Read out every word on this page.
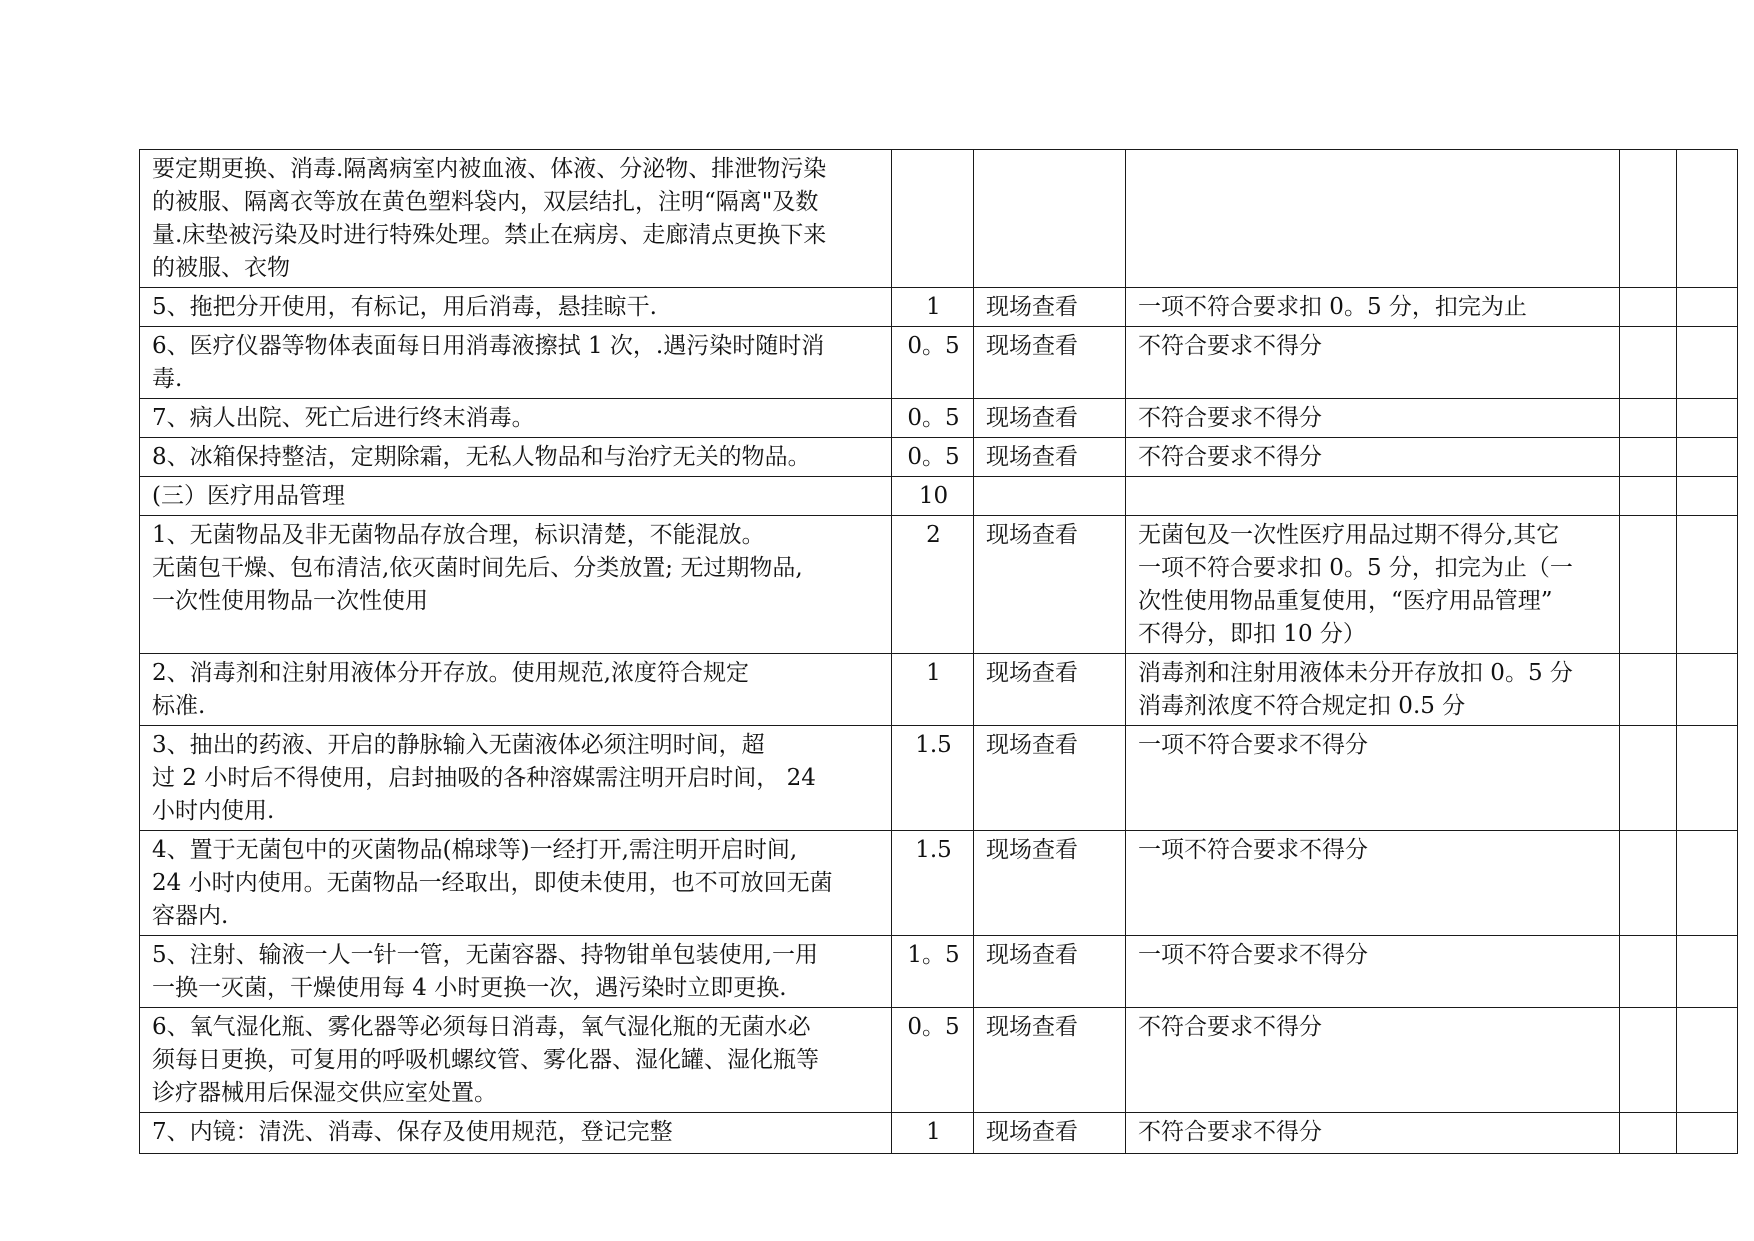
要定期更换、消毒.隔离病室内被血液、体液、分泌物、排泄物污染
的被服、隔离衣等放在黄色塑料袋内，双层结扎，注明“隔离"及数
量.床垫被污染及时进行特殊处理。禁止在病房、走廊清点更换下来
的被服、衣物					

5、拖把分开使用，有标记，用后消毒，悬挂晾干.	1	现场查看	一项不符合要求扣 0。5 分，扣完为止		

6、医疗仪器等物体表面每日用消毒液擦拭 1 次，.遇污染时随时消
毒.	0。5	现场查看	不符合要求不得分		

7、病人出院、死亡后进行终末消毒。	0。5	现场查看	不符合要求不得分		

8、冰箱保持整洁，定期除霜，无私人物品和与治疗无关的物品。	0。5	现场查看	不符合要求不得分		

(三）医疗用品管理	10				

1、无菌物品及非无菌物品存放合理，标识清楚，不能混放。
无菌包干燥、包布清洁,依灭菌时间先后、分类放置; 无过期物品,
一次性使用物品一次性使用	2	现场查看	无菌包及一次性医疗用品过期不得分,其它
一项不符合要求扣 0。5 分，扣完为止（一
次性使用物品重复使用，“医疗用品管理”
不得分，即扣 10 分）		

2、消毒剂和注射用液体分开存放。使用规范,浓度符合规定
标准.	1	现场查看	消毒剂和注射用液体未分开存放扣 0。5 分
消毒剂浓度不符合规定扣 0.5 分		

3、抽出的药液、开启的静脉输入无菌液体必须注明时间，超
过 2 小时后不得使用，启封抽吸的各种溶媒需注明开启时间， 24
小时内使用.	1.5	现场查看	一项不符合要求不得分		

4、置于无菌包中的灭菌物品(棉球等)一经打开,需注明开启时间,
24 小时内使用。无菌物品一经取出，即使未使用，也不可放回无菌
容器内.	1.5	现场查看	一项不符合要求不得分		

5、注射、输液一人一针一管，无菌容器、持物钳单包装使用,一用
一换一灭菌，干燥使用每 4 小时更换一次，遇污染时立即更换.	1。5	现场查看	一项不符合要求不得分		

6、氧气湿化瓶、雾化器等必须每日消毒，氧气湿化瓶的无菌水必
须每日更换，可复用的呼吸机螺纹管、雾化器、湿化罐、湿化瓶等
诊疗器械用后保湿交供应室处置。	0。5	现场查看	不符合要求不得分		

7、内镜：清洗、消毒、保存及使用规范，登记完整	1	现场查看	不符合要求不得分		
